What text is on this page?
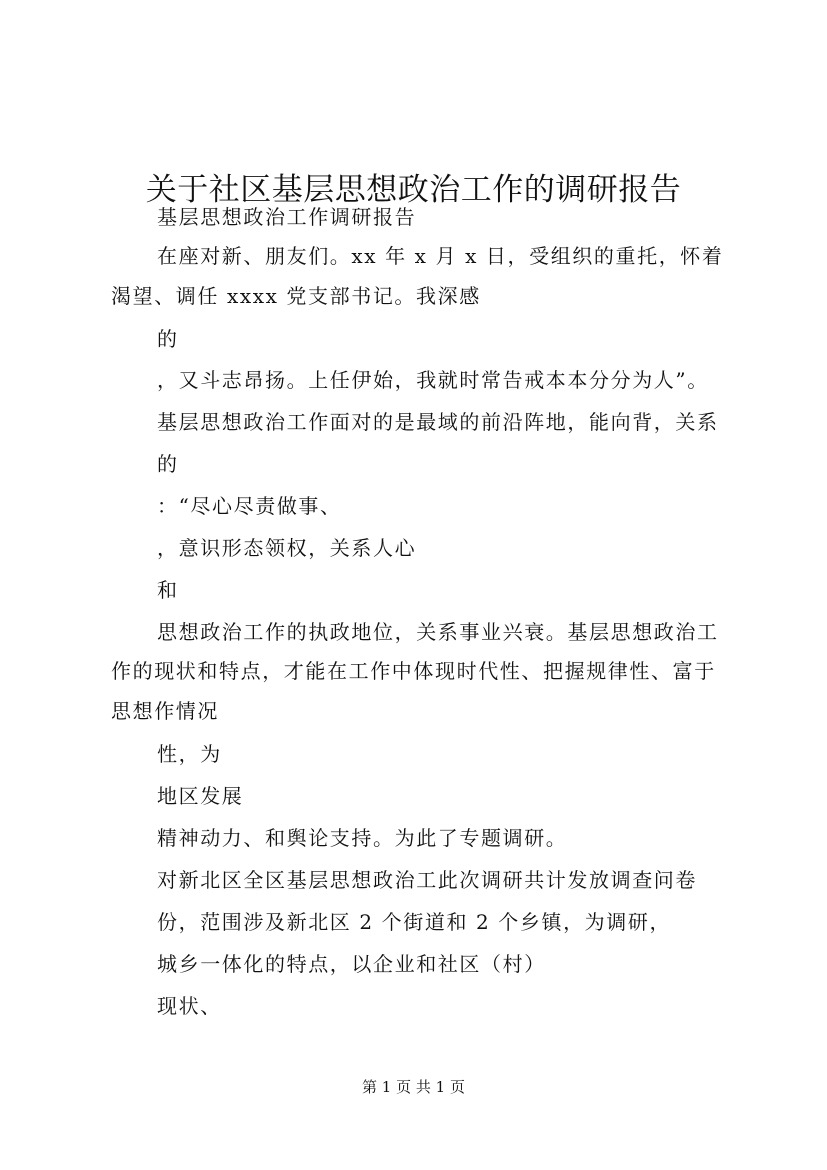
关于社区基层思想政治工作的调研报告
基层思想政治工作调研报告
在座对新、朋友们。xx 年 x 月 x 日，受组织的重托，怀着
渴望、调任 xxxx 党支部书记。我深感
的
，又斗志昂扬。上任伊始，我就时常告戒本本分分为人”。
基层思想政治工作面对的是最域的前沿阵地，能向背，关系
的
：“尽心尽责做事、
，意识形态领权，关系人心
和
思想政治工作的执政地位，关系事业兴衰。基层思想政治工
作的现状和特点，才能在工作中体现时代性、把握规律性、富于
思想作情况
性，为
地区发展
精神动力、和舆论支持。为此了专题调研。
对新北区全区基层思想政治工此次调研共计发放调查问卷
份，范围涉及新北区 2 个街道和 2 个乡镇，为调研，
城乡一体化的特点，以企业和社区（村）
现状、
第 1 页 共 1 页
